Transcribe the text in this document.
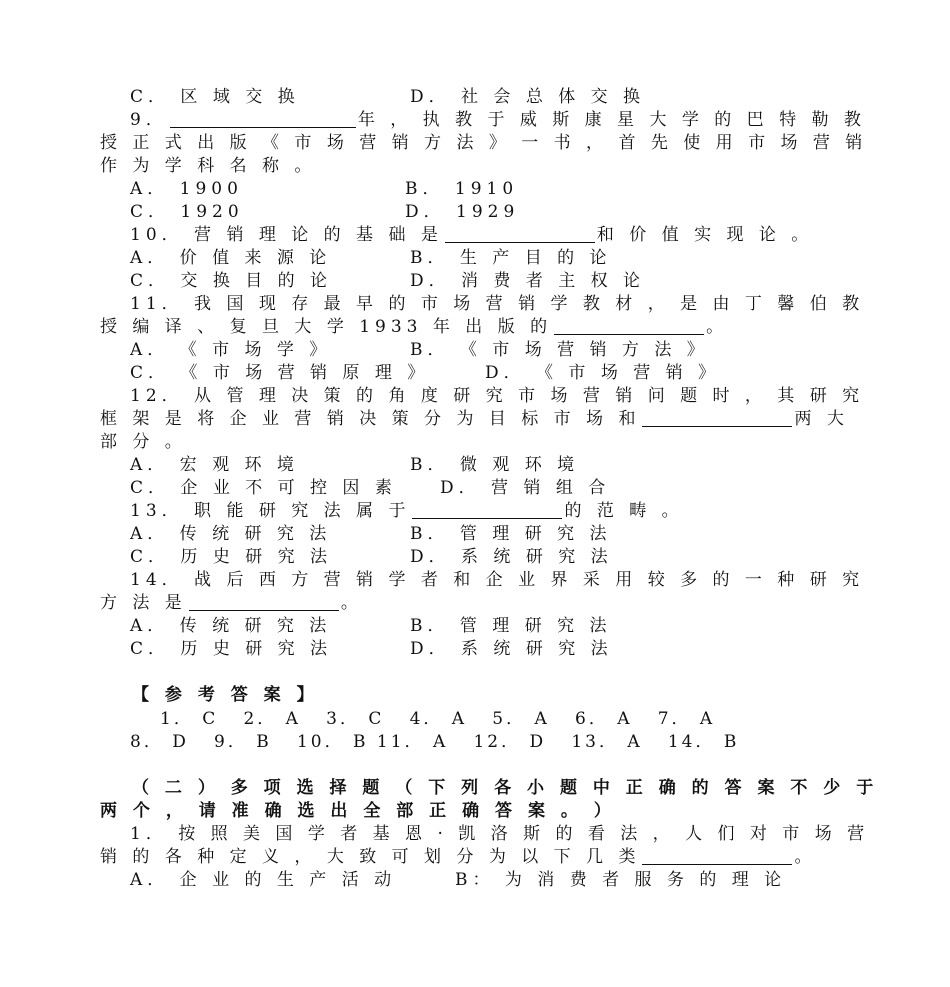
C． 区 域 交 换	D． 社 会 总 体 交 换
9．	年 ， 执 教 于 威 斯 康 星 大 学 的 巴 特 勒 教
授 正 式 出 版 《 市 场 营 销 方 法 》 一 书 ， 首 先 使 用 市 场 营 销
作 为 学 科 名 称 。
A． 1900	B． 1910
C． 1920	D． 1929
10． 营 销 理 论 的 基 础 是	和 价 值 实 现 论 。
A． 价 值 来 源 论	B． 生 产 目 的 论
C． 交 换 目 的 论	D． 消 费 者 主 权 论
11． 我 国 现 存 最 早 的 市 场 营 销 学 教 材 ， 是 由 丁 馨 伯 教
授 编 译 、 复 旦 大 学 1933 年 出 版 的	。
A． 《 市 场 学 》	B． 《 市 场 营 销 方 法 》
C． 《 市 场 营 销 原 理 》	D． 《 市 场 营 销 》
12． 从 管 理 决 策 的 角 度 研 究 市 场 营 销 问 题 时 ， 其 研 究
框 架 是 将 企 业 营 销 决 策 分 为 目 标 市 场 和	两 大
部 分 。
A． 宏 观 环 境	B． 微 观 环 境
C． 企 业 不 可 控 因 素	D． 营 销 组 合
13． 职 能 研 究 法 属 于	的 范 畴 。
A． 传 统 研 究 法	B． 管 理 研 究 法
C． 历 史 研 究 法	D． 系 统 研 究 法
14． 战 后 西 方 营 销 学 者 和 企 业 界 采 用 较 多 的 一 种 研 究
方 法 是	。
A． 传 统 研 究 法	B． 管 理 研 究 法
C． 历 史 研 究 法	D． 系 统 研 究 法
【 参 考 答 案 】
1． C   2． A   3． C   4． A   5． A   6． A   7． A
8． D   9． B   10． B 11． A   12． D   13． A   14． B
（ 二 ） 多 项 选 择 题 （ 下 列 各 小 题 中 正 确 的 答 案 不 少 于
两 个 ， 请 准 确 选 出 全 部 正 确 答 案 。 ）
1． 按 照 美 国 学 者 基 恩 · 凯 洛 斯 的 看 法 ， 人 们 对 市 场 营
销 的 各 种 定 义 ， 大 致 可 划 分 为 以 下 几 类	。
A． 企 业 的 生 产 活 动	B： 为 消 费 者 服 务 的 理 论
